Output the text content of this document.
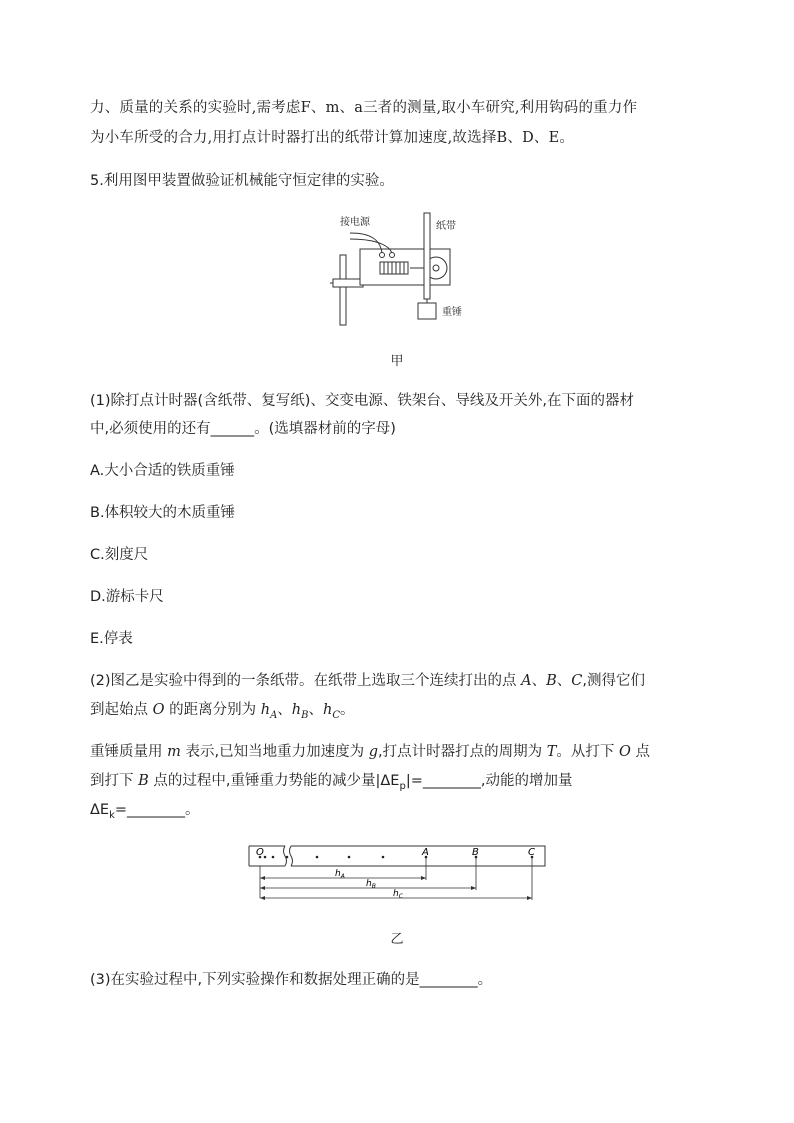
力、质量的关系的实验时,需考虑F、m、a三者的测量,取小车研究,利用钩码的重力作
为小车所受的合力,用打点计时器打出的纸带计算加速度,故选择B、D、E。
5.利用图甲装置做验证机械能守恒定律的实验。
接电源	纸带
重锤
甲
(1)除打点计时器(含纸带、复写纸)、交变电源、铁架台、导线及开关外,在下面的器材
中,必须使用的还有______。(选填器材前的字母)
A.大小合适的铁质重锤
B.体积较大的木质重锤
C.刻度尺
D.游标卡尺
E.停表
(2)图乙是实验中得到的一条纸带。在纸带上选取三个连续打出的点 A、B、C,测得它们
到起始点 O 的距离分别为 $h_A$、$h_B$、$h_C$。
重锤质量用 m 表示,已知当地重力加速度为 g,打点计时器打点的周期为 T。从打下 O 点
到打下 B 点的过程中,重锤重力势能的减少量$|\Delta E_p|=\_\_\_\_\_\_\_\_$,动能的增加量
$\Delta E_k=\_\_\_\_\_\_\_\_$。
O	A	B	C
$h_A$
$h_B$
$h_C$
乙
(3)在实验过程中,下列实验操作和数据处理正确的是________。
